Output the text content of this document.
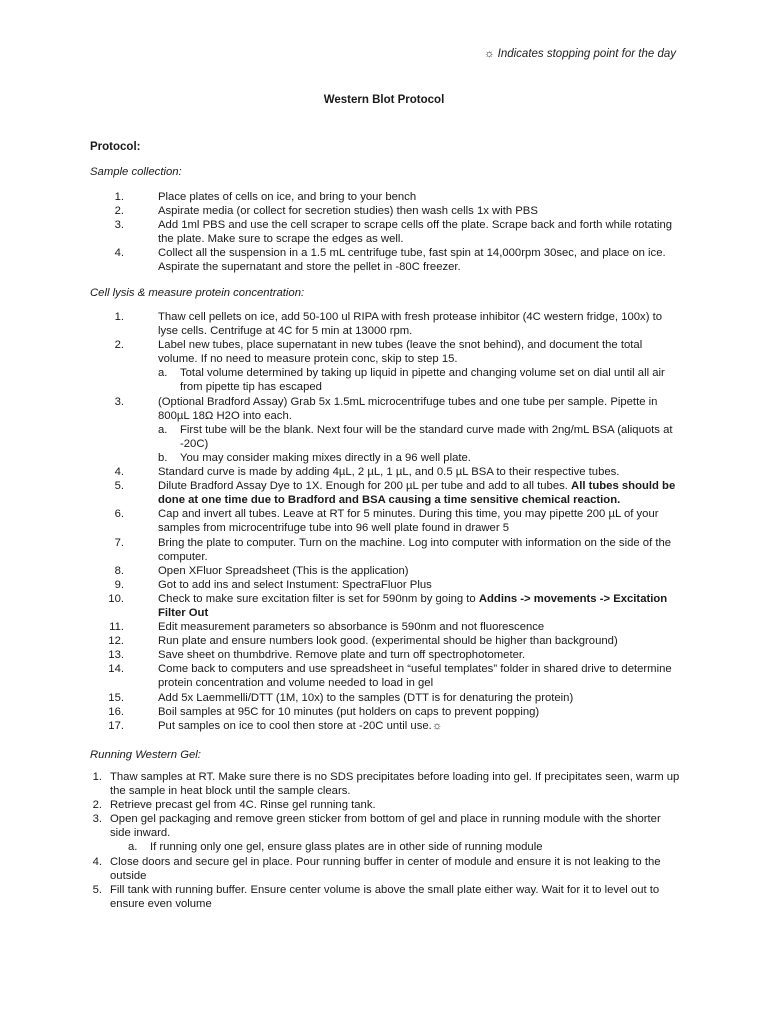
☼ Indicates stopping point for the day
Western Blot Protocol
Protocol:
Sample collection:
1.	Place plates of cells on ice, and bring to your bench
2.	Aspirate media (or collect for secretion studies) then wash cells 1x with PBS
3.	Add 1ml PBS and use the cell scraper to scrape cells off the plate. Scrape back and forth while rotating the plate. Make sure to scrape the edges as well.
4.	Collect all the suspension in a 1.5 mL centrifuge tube, fast spin at 14,000rpm 30sec, and place on ice. Aspirate the supernatant and store the pellet in -80C freezer.
Cell lysis & measure protein concentration:
1.	Thaw cell pellets on ice, add 50-100 ul RIPA with fresh protease inhibitor (4C western fridge, 100x) to lyse cells. Centrifuge at 4C for 5 min at 13000 rpm.
2.	Label new tubes, place supernatant in new tubes (leave the snot behind), and document the total volume. If no need to measure protein conc, skip to step 15.
a. Total volume determined by taking up liquid in pipette and changing volume set on dial until all air from pipette tip has escaped
3.	(Optional Bradford Assay) Grab 5x 1.5mL microcentrifuge tubes and one tube per sample. Pipette in 800µL 18Ω H2O into each.
a. First tube will be the blank. Next four will be the standard curve made with 2ng/mL BSA (aliquots at -20C)
b. You may consider making mixes directly in a 96 well plate.
4.	Standard curve is made by adding 4µL, 2 µL, 1 µL, and 0.5 µL BSA to their respective tubes.
5.	Dilute Bradford Assay Dye to 1X. Enough for 200 µL per tube and add to all tubes. All tubes should be done at one time due to Bradford and BSA causing a time sensitive chemical reaction.
6.	Cap and invert all tubes. Leave at RT for 5 minutes. During this time, you may pipette 200 µL of your samples from microcentrifuge tube into 96 well plate found in drawer 5
7.	Bring the plate to computer. Turn on the machine. Log into computer with information on the side of the computer.
8.	Open XFluor Spreadsheet (This is the application)
9.	Got to add ins and select Instument: SpectraFluor Plus
10.	Check to make sure excitation filter is set for 590nm by going to Addins -> movements -> Excitation Filter Out
11.	Edit measurement parameters so absorbance is 590nm and not fluorescence
12.	Run plate and ensure numbers look good. (experimental should be higher than background)
13.	Save sheet on thumbdrive. Remove plate and turn off spectrophotometer.
14.	Come back to computers and use spreadsheet in “useful templates” folder in shared drive to determine protein concentration and volume needed to load in gel
15.	Add 5x Laemmelli/DTT (1M, 10x) to the samples (DTT is for denaturing the protein)
16.	Boil samples at 95C for 10 minutes (put holders on caps to prevent popping)
17.	Put samples on ice to cool then store at -20C until use.☼
Running Western Gel:
1. Thaw samples at RT. Make sure there is no SDS precipitates before loading into gel. If precipitates seen, warm up the sample in heat block until the sample clears.
2. Retrieve precast gel from 4C. Rinse gel running tank.
3. Open gel packaging and remove green sticker from bottom of gel and place in running module with the shorter side inward.
a. If running only one gel, ensure glass plates are in other side of running module
4. Close doors and secure gel in place. Pour running buffer in center of module and ensure it is not leaking to the outside
5. Fill tank with running buffer. Ensure center volume is above the small plate either way. Wait for it to level out to ensure even volume
